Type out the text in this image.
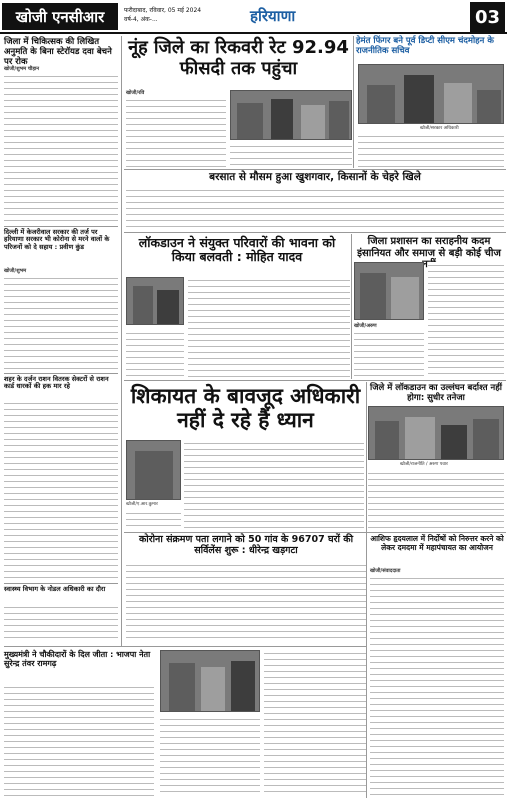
खोजी एनसीआर	फरीदाबाद, रविवार, 05 मई 2024
वर्ष-4, अंक-...	हरियाणा	03
जिला में चिकित्सक की लिखित अनुमति के बिना स्टेरॉयड दवा बेचने पर रोक
खोजी/शुभम चौहान
नूंह जिले का रिकवरी रेट 92.94 फीसदी तक पहुंचा
हेमंत फिंगर बने पूर्व डिप्टी सीएम चंदमोहन के राजनीतिक सचिव
खोजी/सरकार अधिकारी
खोजी/रवि
बरसात से मौसम हुआ खुशगवार, किसानों के चेहरे खिले
दिल्ली में केजरीवाल सरकार की तर्ज पर हरियाणा सरकार भी कोरोना से मरने वालों के परिजनों को दे सहाय : प्रवीण कुंड
खोजी/शुभम
लॉकडाउन ने संयुक्त परिवारों की भावना को किया बलवती : मोहित यादव
जिला प्रशासन का सराहनीय कदम इंसानियत और समाज से बड़ी कोई चीज
खोजी/अरुण
शहर के दर्जन राशन वितरक सेक्टरों से राशन कार्ड धारकों की हक मार रहे	शिकायत के बावजूद अधिकारी नहीं दे रहे हैं ध्यान
जिले में लॉकडाउन का उल्लंघन बर्दाश्त नहीं होगा: सुधीर तनेजा
खोजी/राजनीति / अरुण पवार
खोजी/ए.आर.कुमार
कोरोना संक्रमण पता लगाने को 50 गांव के 96707 घरों की सर्विलेंस शुरू : धीरेन्द्र खड़गटा
आशिफ हृदयलाल में निर्दोषों को निरुत्तर करने को लेकर दमदमा में महापंचायत का आयोजन
खोजी/संवाददाता
स्वास्थ्य विभाग के नोडल अधिकारी का दौरा
मुख्यमंत्री ने चौकीदारों के दिल जीता : भाजपा नेता सुरेन्द्र तंवर रामगढ़
